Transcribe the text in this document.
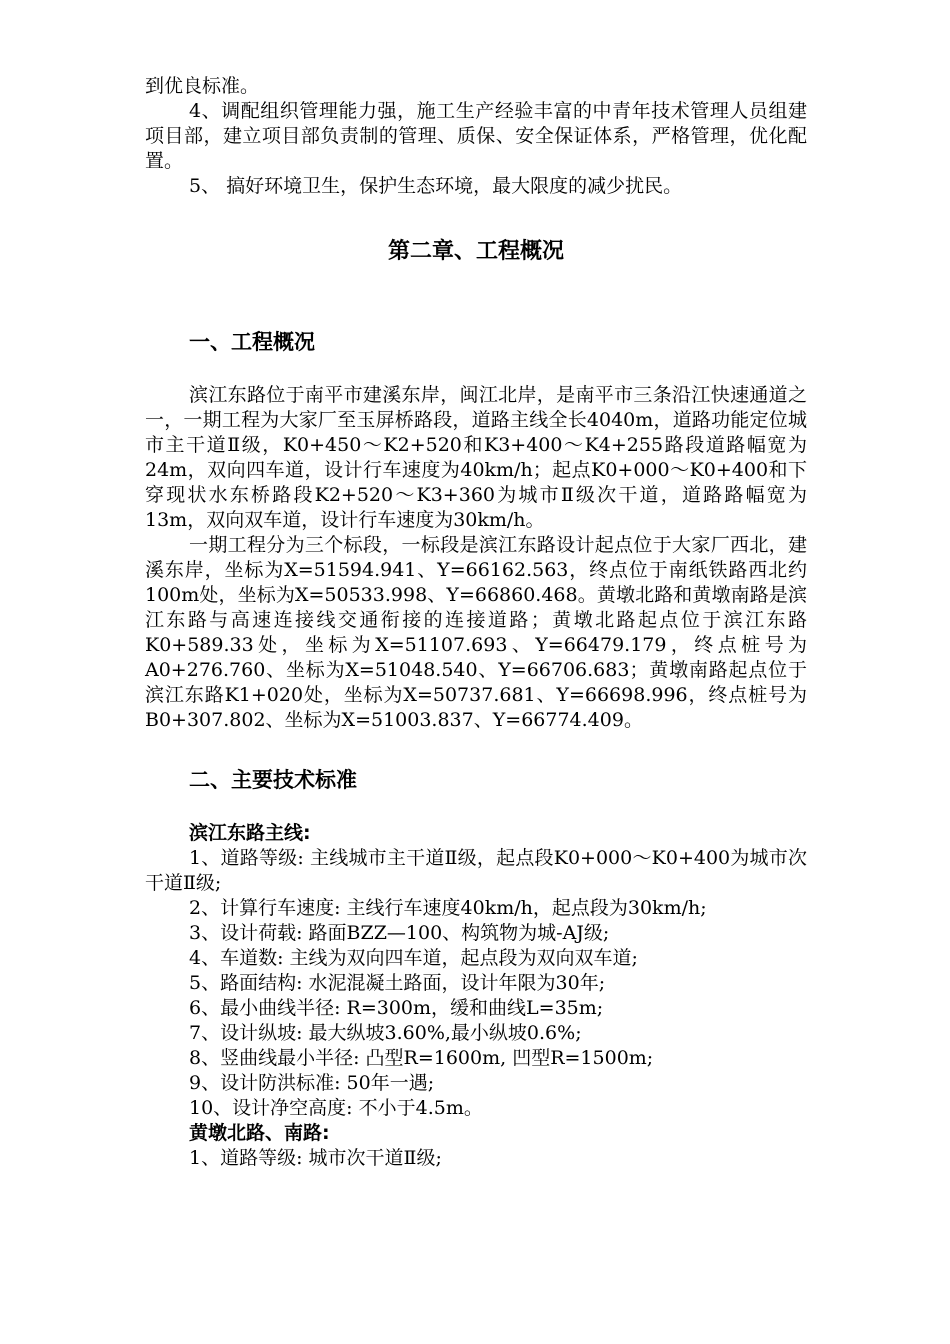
到优良标准。

4、调配组织管理能力强，施工生产经验丰富的中青年技术管理人员组建项目部，建立项目部负责制的管理、质保、安全保证体系，严格管理，优化配置。

5、 搞好环境卫生，保护生态环境，最大限度的减少扰民。

第二章、工程概况
一、工程概况

滨江东路位于南平市建溪东岸，闽江北岸，是南平市三条沿江快速通道之一，一期工程为大家厂至玉屏桥路段，道路主线全长4040m，道路功能定位城市主干道Ⅱ级，K0+450～K2+520和K3+400～K4+255路段道路幅宽为24m，双向四车道，设计行车速度为40km/h；起点K0+000～K0+400和下穿现状水东桥路段K2+520～K3+360为城市Ⅱ级次干道，道路路幅宽为13m，双向双车道，设计行车速度为30km/h。

一期工程分为三个标段，一标段是滨江东路设计起点位于大家厂西北，建溪东岸，坐标为X=51594.941、Y=66162.563，终点位于南纸铁路西北约100m处，坐标为X=50533.998、Y=66860.468。黄墩北路和黄墩南路是滨江东路与高速连接线交通衔接的连接道路；黄墩北路起点位于滨江东路K0+589.33处，坐标为X=51107.693、Y=66479.179，终点桩号为A0+276.760、坐标为X=51048.540、Y=66706.683；黄墩南路起点位于滨江东路K1+020处，坐标为X=50737.681、Y=66698.996，终点桩号为B0+307.802、坐标为X=51003.837、Y=66774.409。

二、主要技术标准

滨江东路主线:

1、道路等级: 主线城市主干道Ⅱ级，起点段K0+000～K0+400为城市次干道Ⅱ级;

2、计算行车速度: 主线行车速度40km/h，起点段为30km/h;

3、设计荷载: 路面BZZ—100、构筑物为城-AJ级;

4、车道数: 主线为双向四车道，起点段为双向双车道;

5、路面结构: 水泥混凝土路面，设计年限为30年;

6、最小曲线半径: R=300m，缓和曲线L=35m;

7、设计纵坡: 最大纵坡3.60%,最小纵坡0.6%;

8、竖曲线最小半径: 凸型R=1600m, 凹型R=1500m;

9、设计防洪标准: 50年一遇;

10、设计净空高度: 不小于4.5m。

黄墩北路、南路:

1、道路等级: 城市次干道Ⅱ级;
